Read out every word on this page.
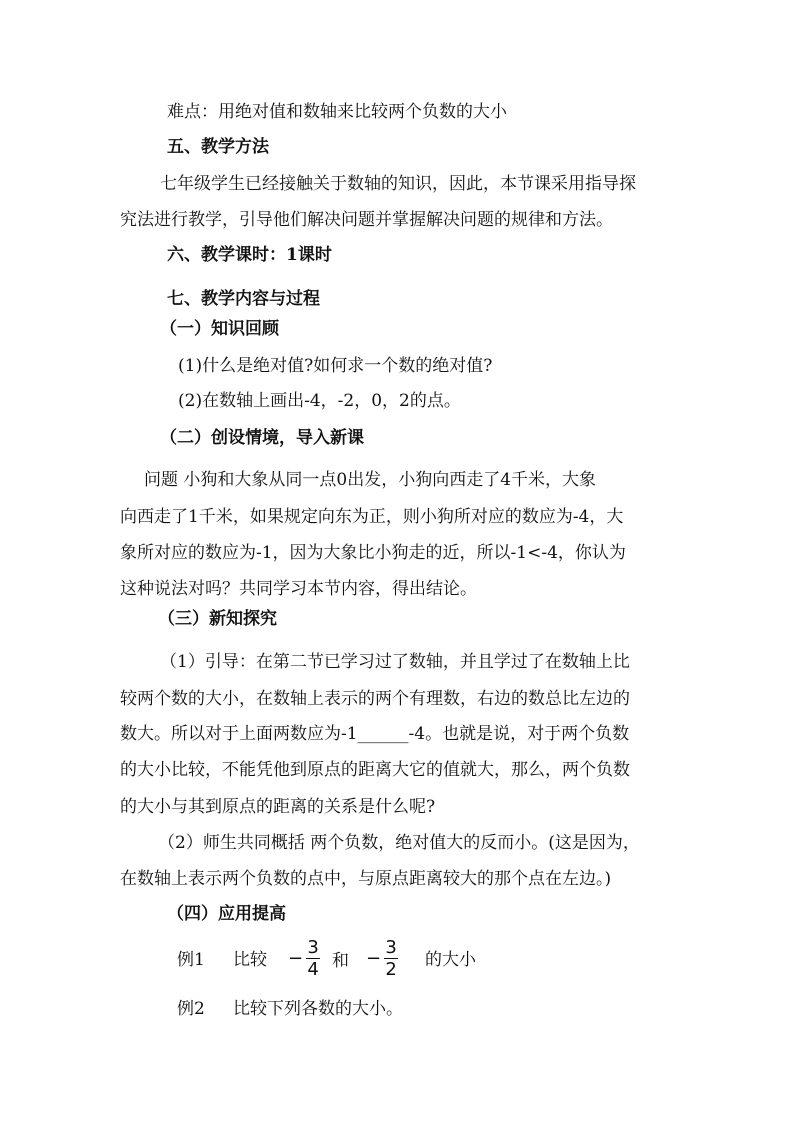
难点：用绝对值和数轴来比较两个负数的大小
五、教学方法
七年级学生已经接触关于数轴的知识，因此，本节课采用指导探
究法进行教学，引导他们解决问题并掌握解决问题的规律和方法。
六、教学课时：1课时
七、教学内容与过程
（一）知识回顾
(1)什么是绝对值?如何求一个数的绝对值?
(2)在数轴上画出-4，-2，0，2的点。
（二）创设情境，导入新课
问题 小狗和大象从同一点0出发，小狗向西走了4千米，大象
向西走了1千米，如果规定向东为正，则小狗所对应的数应为-4，大
象所对应的数应为-1，因为大象比小狗走的近，所以-1<-4，你认为
这种说法对吗？共同学习本节内容，得出结论。
（三）新知探究
（1）引导：在第二节已学习过了数轴，并且学过了在数轴上比
较两个数的大小，在数轴上表示的两个有理数，右边的数总比左边的
数大。所以对于上面两数应为-1______-4。也就是说，对于两个负数
的大小比较，不能凭他到原点的距离大它的值就大，那么，两个负数
的大小与其到原点的距离的关系是什么呢?
（2）师生共同概括 两个负数，绝对值大的反而小。(这是因为，
在数轴上表示两个负数的点中，与原点距离较大的那个点在左边。)
（四）应用提高
例1 比较 − $\frac{3}{4}$ 和 − $\frac{3}{2}$ 的大小
例2 比较下列各数的大小。
